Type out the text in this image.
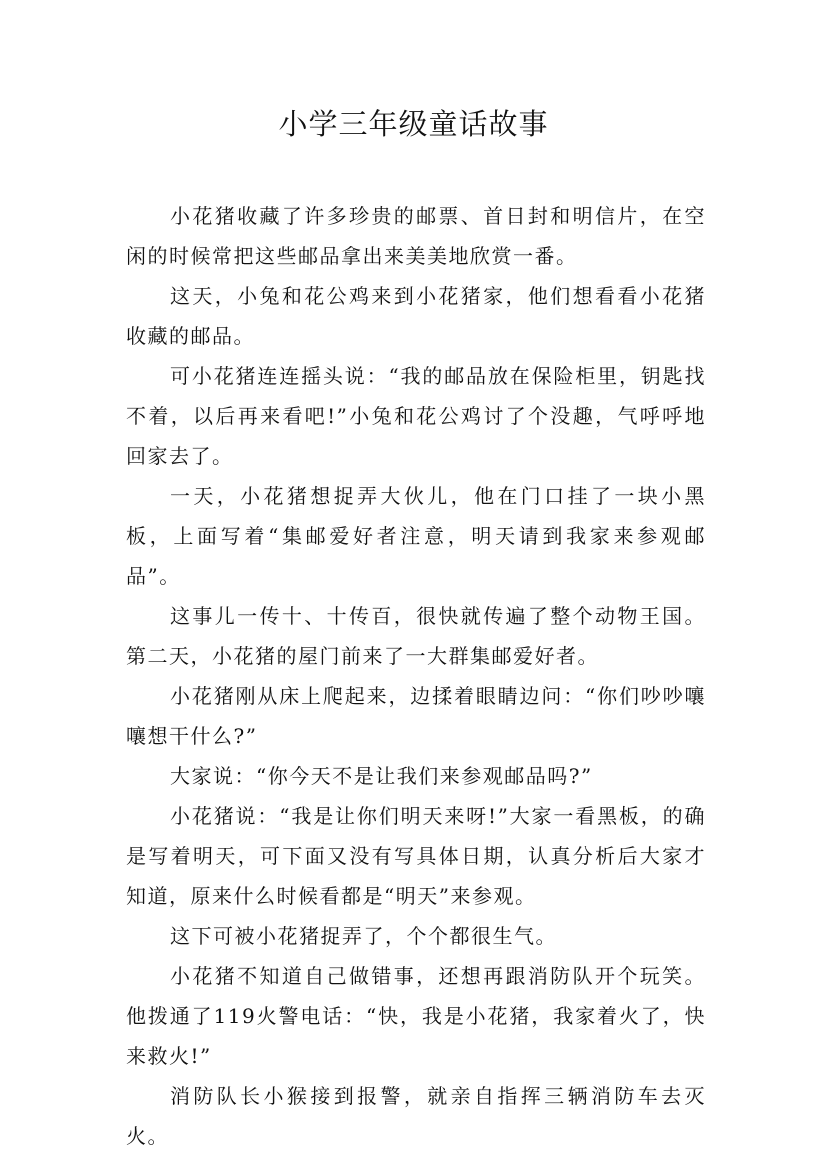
小学三年级童话故事

小花猪收藏了许多珍贵的邮票、首日封和明信片，在空闲的时候常把这些邮品拿出来美美地欣赏一番。

这天，小兔和花公鸡来到小花猪家，他们想看看小花猪收藏的邮品。

可小花猪连连摇头说：“我的邮品放在保险柜里，钥匙找不着，以后再来看吧!”小兔和花公鸡讨了个没趣，气呼呼地回家去了。

一天，小花猪想捉弄大伙儿，他在门口挂了一块小黑板，上面写着“集邮爱好者注意，明天请到我家来参观邮品”。

这事儿一传十、十传百，很快就传遍了整个动物王国。第二天，小花猪的屋门前来了一大群集邮爱好者。

小花猪刚从床上爬起来，边揉着眼睛边问：“你们吵吵嚷嚷想干什么?”

大家说：“你今天不是让我们来参观邮品吗?”

小花猪说：“我是让你们明天来呀!”大家一看黑板，的确是写着明天，可下面又没有写具体日期，认真分析后大家才知道，原来什么时候看都是“明天”来参观。

这下可被小花猪捉弄了，个个都很生气。

小花猪不知道自己做错事，还想再跟消防队开个玩笑。他拨通了119火警电话：“快，我是小花猪，我家着火了，快来救火!”

消防队长小猴接到报警，就亲自指挥三辆消防车去灭火。
